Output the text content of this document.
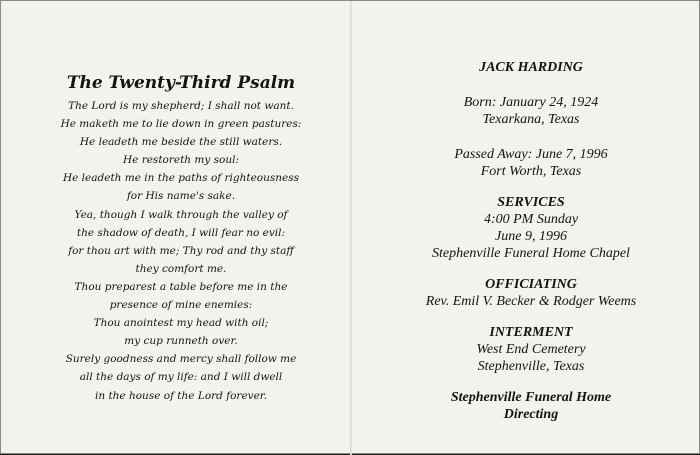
The Twenty-Third Psalm
The Lord is my shepherd; I shall not want.
He maketh me to lie down in green pastures:
He leadeth me beside the still waters.
He restoreth my soul:
He leadeth me in the paths of righteousness
for His name's sake.
Yea, though I walk through the valley of
the shadow of death, I will fear no evil:
for thou art with me; Thy rod and thy staff
they comfort me.
Thou preparest a table before me in the
presence of mine enemies:
Thou anointest my head with oil;
my cup runneth over.
Surely goodness and mercy shall follow me
all the days of my life: and I will dwell
in the house of the Lord forever.
JACK HARDING
Born: January 24, 1924
Texarkana, Texas
Passed Away: June 7, 1996
Fort Worth, Texas
SERVICES
4:00 PM Sunday
June 9, 1996
Stephenville Funeral Home Chapel
OFFICIATING
Rev. Emil V. Becker & Rodger Weems
INTERMENT
West End Cemetery
Stephenville, Texas
Stephenville Funeral Home
Directing
